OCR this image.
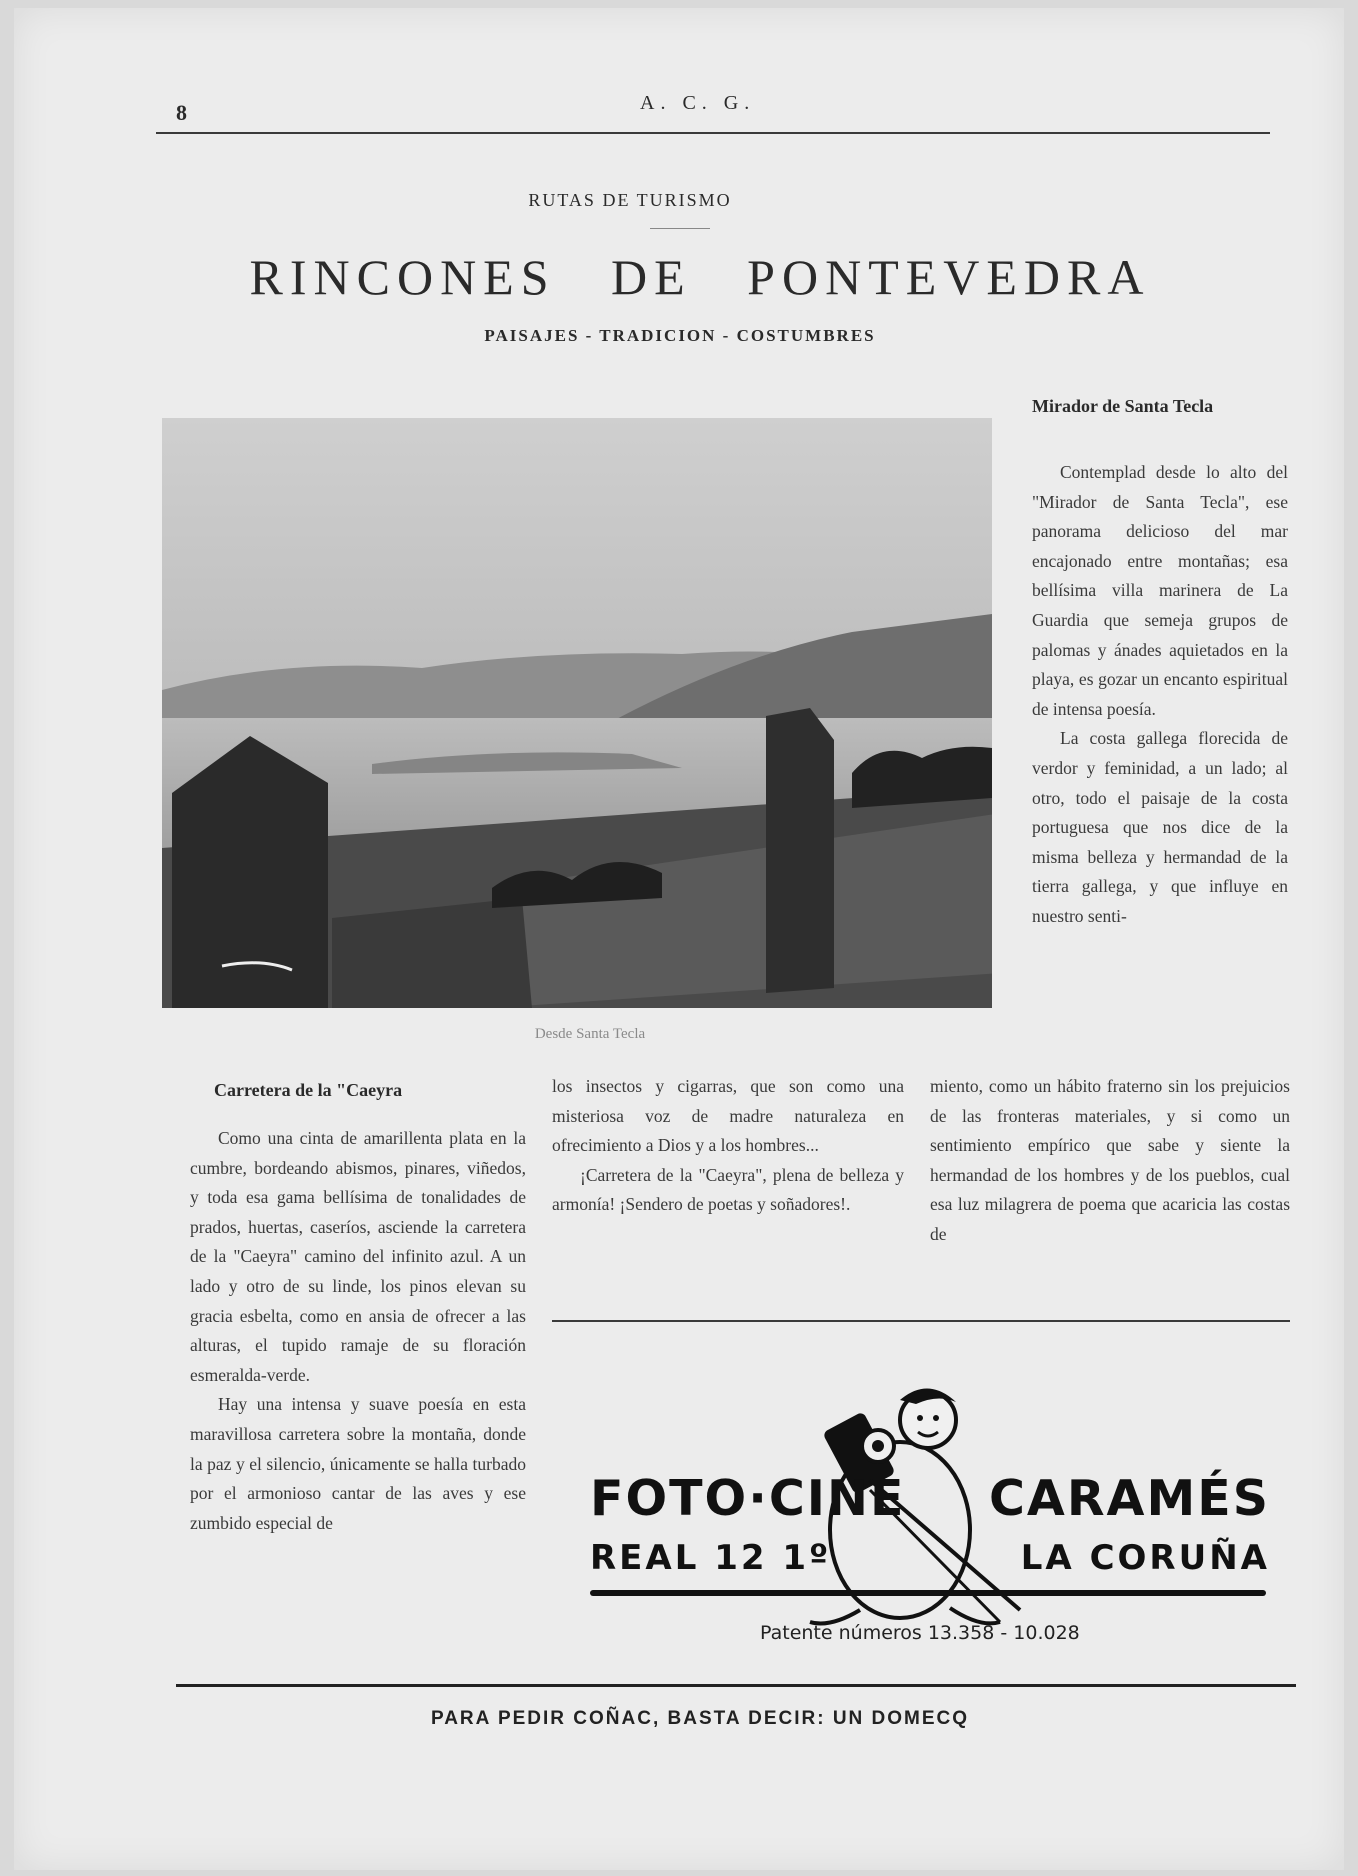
8	A. C. G.
RUTAS DE TURISMO
RINCONES DE PONTEVEDRA
PAISAJES - TRADICION - COSTUMBRES
Desde Santa Tecla
Mirador de Santa Tecla

Contemplad desde lo alto del "Mirador de Santa Tecla", ese panorama delicioso del mar encajonado entre montañas; esa bellísima villa marinera de La Guardia que semeja grupos de palomas y ánades aquietados en la playa, es gozar un encanto espiritual de intensa poesía.

La costa gallega florecida de verdor y feminidad, a un lado; al otro, todo el paisaje de la costa portuguesa que nos dice de la misma belleza y hermandad de la tierra gallega, y que influye en nuestro senti-

Carretera de la "Caeyra

Como una cinta de amarillenta plata en la cumbre, bordeando abismos, pinares, viñedos, y toda esa gama bellísima de tonalidades de prados, huertas, caseríos, asciende la carretera de la "Caeyra" camino del infinito azul. A un lado y otro de su linde, los pinos elevan su gracia esbelta, como en ansia de ofrecer a las alturas, el tupido ramaje de su floración esmeralda-verde.

Hay una intensa y suave poesía en esta maravillosa carretera sobre la montaña, donde la paz y el silencio, únicamente se halla turbado por el armonioso cantar de las aves y ese zumbido especial de

los insectos y cigarras, que son como una misteriosa voz de madre naturaleza en ofrecimiento a Dios y a los hombres...

¡Carretera de la "Caeyra", plena de belleza y armonía! ¡Sendero de poetas y soñadores!.

miento, como un hábito fraterno sin los prejuicios de las fronteras materiales, y si como un sentimiento empírico que sabe y siente la hermandad de los hombres y de los pueblos, cual esa luz milagrera de poema que acaricia las costas de

FOTO·CINE CARAMÉS
REAL 12 1º	LA CORUÑA
Patente números 13.358 - 10.028
PARA PEDIR COÑAC, BASTA DECIR: UN DOMECQ
